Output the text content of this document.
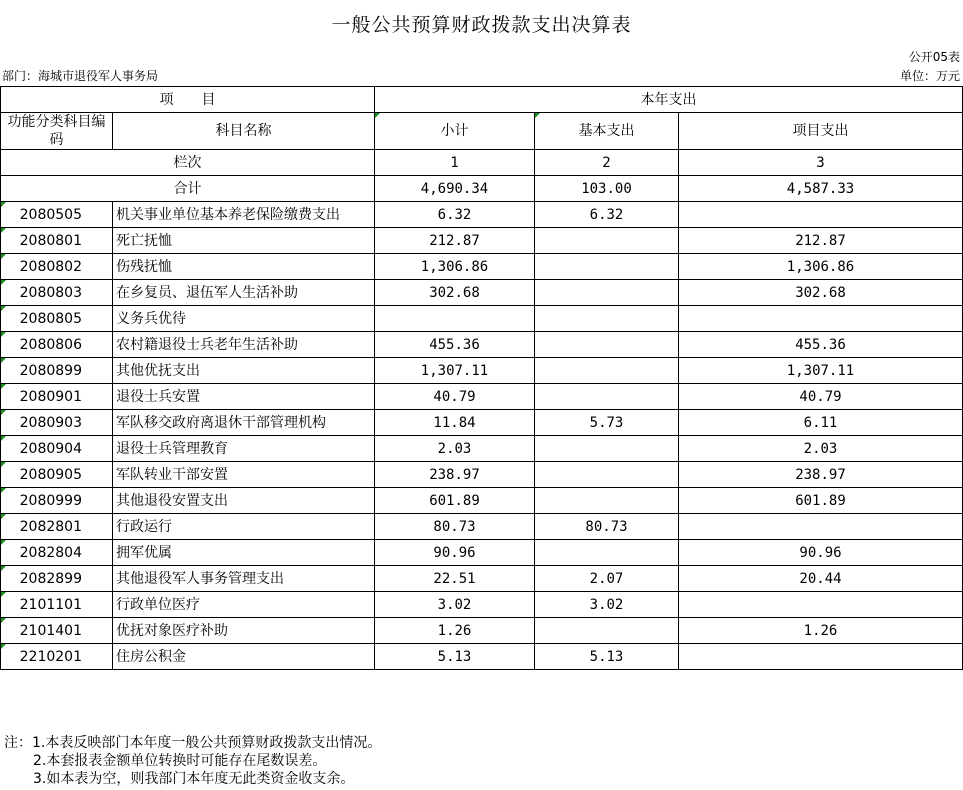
一般公共预算财政拨款支出决算表
公开05表
部门：海城市退役军人事务局	单位：万元
项　　目		本年支出		
功能分类科目编码	科目名称	小计	基本支出	项目支出
栏次		1	2	3
合计		4,690.34	103.00	4,587.33
2080505	机关事业单位基本养老保险缴费支出	6.32	6.32	
2080801	死亡抚恤	212.87		212.87
2080802	伤残抚恤	1,306.86		1,306.86
2080803	在乡复员、退伍军人生活补助	302.68		302.68
2080805	义务兵优待			
2080806	农村籍退役士兵老年生活补助	455.36		455.36
2080899	其他优抚支出	1,307.11		1,307.11
2080901	退役士兵安置	40.79		40.79
2080903	军队移交政府离退休干部管理机构	11.84	5.73	6.11
2080904	退役士兵管理教育	2.03		2.03
2080905	军队转业干部安置	238.97		238.97
2080999	其他退役安置支出	601.89		601.89
2082801	行政运行	80.73	80.73	
2082804	拥军优属	90.96		90.96
2082899	其他退役军人事务管理支出	22.51	2.07	20.44
2101101	行政单位医疗	3.02	3.02	
2101401	优抚对象医疗补助	1.26		1.26
2210201	住房公积金	5.13	5.13	
注：1.本表反映部门本年度一般公共预算财政拨款支出情况。
2.本套报表金额单位转换时可能存在尾数误差。
3.如本表为空，则我部门本年度无此类资金收支余。
